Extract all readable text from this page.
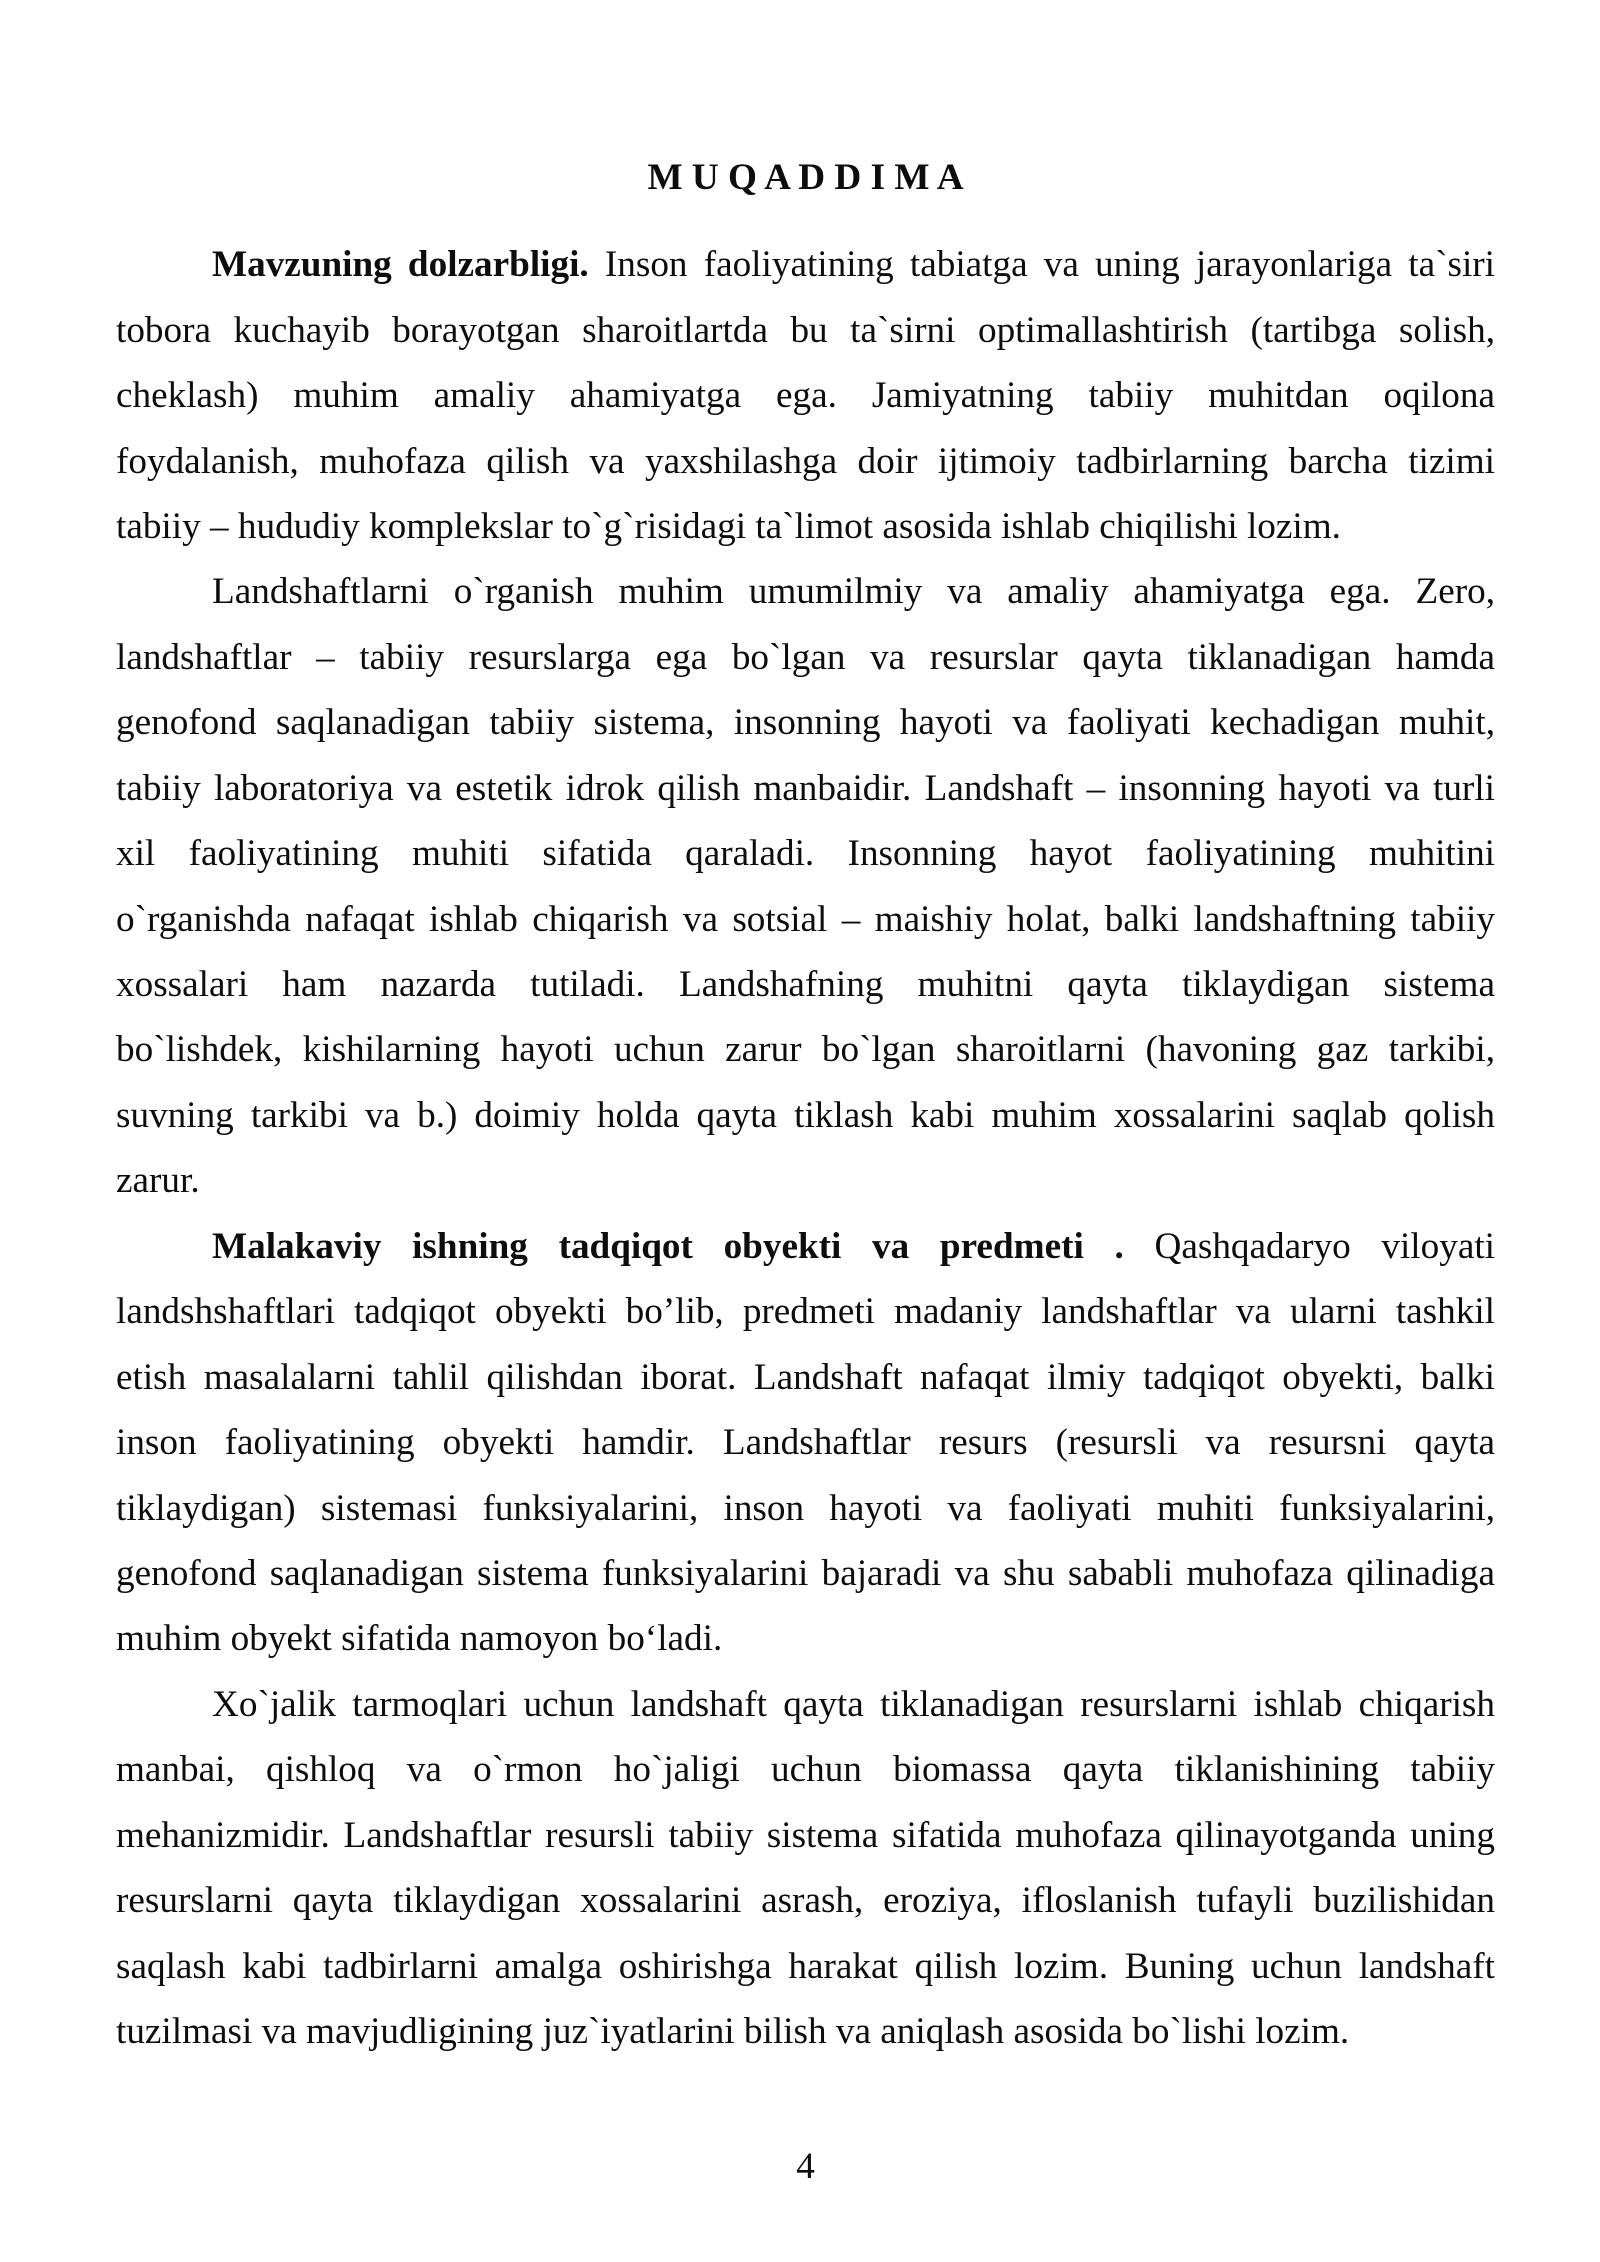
M U Q A D D I M A
Mavzuning dolzarbligi. Inson faoliyatining tabiatga va uning jarayonlariga ta`siri
tobora kuchayib borayotgan sharoitlartda bu ta`sirni optimallashtirish (tartibga solish,
cheklash) muhim amaliy ahamiyatga ega. Jamiyatning tabiiy muhitdan oqilona
foydalanish, muhofaza qilish va yaxshilashga doir ijtimoiy tadbirlarning barcha tizimi
tabiiy – hududiy komplekslar to`g`risidagi ta`limot asosida ishlab chiqilishi lozim.
Landshaftlarni o`rganish muhim umumilmiy va amaliy ahamiyatga ega. Zero,
landshaftlar – tabiiy resurslarga ega bo`lgan va resurslar qayta tiklanadigan hamda
genofond saqlanadigan tabiiy sistema, insonning hayoti va faoliyati kechadigan muhit,
tabiiy laboratoriya va estetik idrok qilish manbaidir. Landshaft – insonning hayoti va turli
xil faoliyatining muhiti sifatida qaraladi. Insonning hayot faoliyatining muhitini
o`rganishda nafaqat ishlab chiqarish va sotsial – maishiy holat, balki landshaftning tabiiy
xossalari ham nazarda tutiladi. Landshafning muhitni qayta tiklaydigan sistema
bo`lishdek, kishilarning hayoti uchun zarur bo`lgan sharoitlarni (havoning gaz tarkibi,
suvning tarkibi va b.) doimiy holda qayta tiklash kabi muhim xossalarini saqlab qolish
zarur.
Malakaviy ishning tadqiqot obyekti va predmeti . Qashqadaryo viloyati
landshshaftlari tadqiqot obyekti bo’lib, predmeti madaniy landshaftlar va ularni tashkil
etish masalalarni tahlil qilishdan iborat. Landshaft nafaqat ilmiy tadqiqot obyekti, balki
inson faoliyatining obyekti hamdir. Landshaftlar resurs (resursli va resursni qayta
tiklaydigan) sistemasi funksiyalarini, inson hayoti va faoliyati muhiti funksiyalarini,
genofond saqlanadigan sistema funksiyalarini bajaradi va shu sababli muhofaza qilinadiga
muhim obyekt sifatida namoyon bo‘ladi.
Xo`jalik tarmoqlari uchun landshaft qayta tiklanadigan resurslarni ishlab chiqarish
manbai, qishloq va o`rmon ho`jaligi uchun biomassa qayta tiklanishining tabiiy
mehanizmidir. Landshaftlar resursli tabiiy sistema sifatida muhofaza qilinayotganda uning
resurslarni qayta tiklaydigan xossalarini asrash, eroziya, ifloslanish tufayli buzilishidan
saqlash kabi tadbirlarni amalga oshirishga harakat qilish lozim. Buning uchun landshaft
tuzilmasi va mavjudligining juz`iyatlarini bilish va aniqlash asosida bo`lishi lozim.
4
